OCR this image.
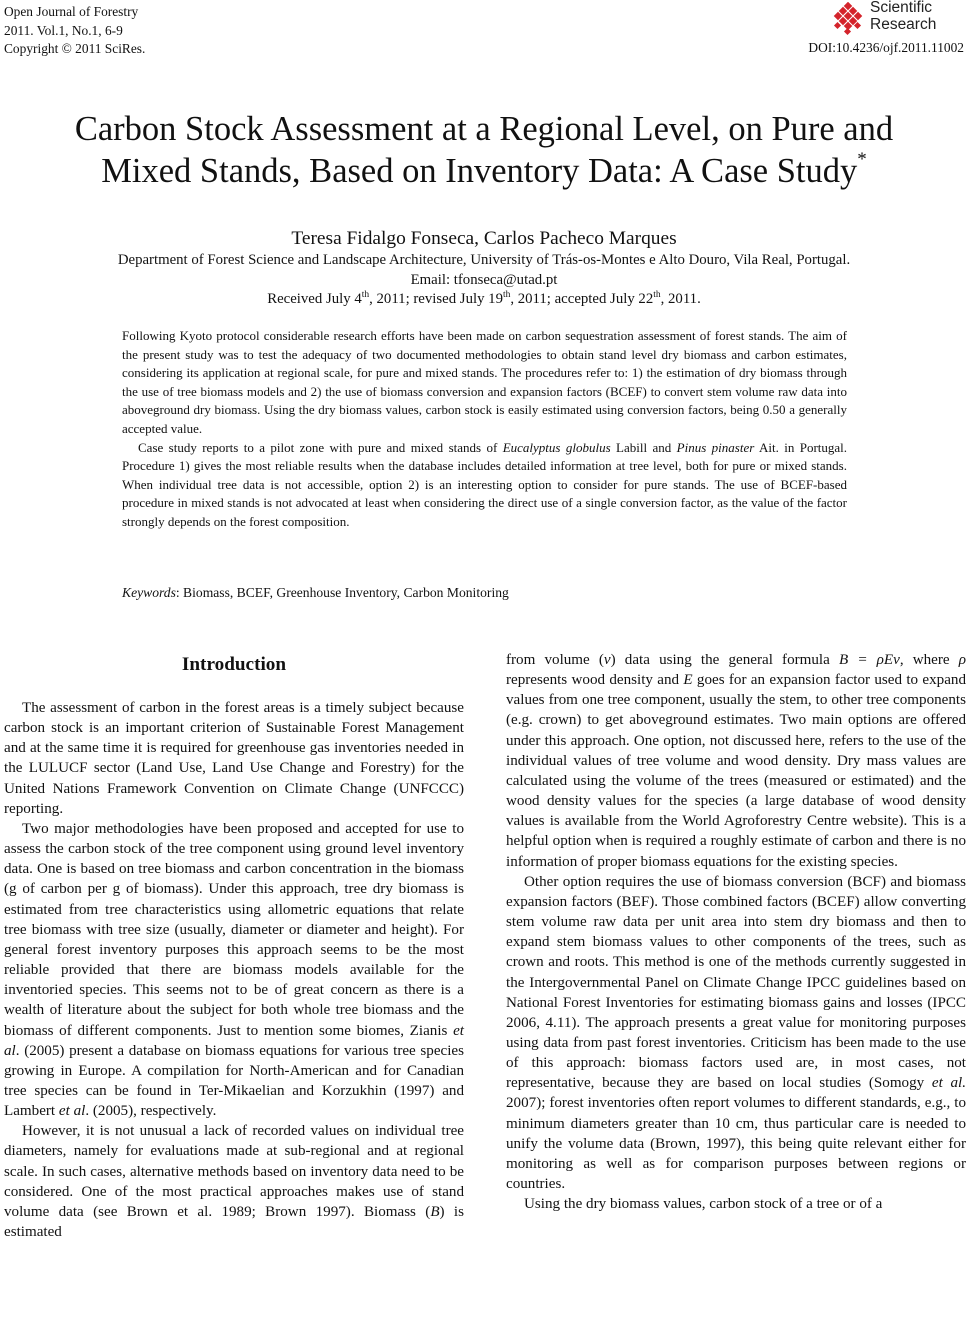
Open Journal of Forestry
2011. Vol.1, No.1, 6-9
Copyright © 2011 SciRes.
Scientific
Research
DOI:10.4236/ojf.2011.11002
Carbon Stock Assessment at a Regional Level, on Pure and
Mixed Stands, Based on Inventory Data: A Case Study*
Teresa Fidalgo Fonseca, Carlos Pacheco Marques
Department of Forest Science and Landscape Architecture, University of Trás-os-Montes e Alto Douro, Vila Real, Portugal.
Email: tfonseca@utad.pt
Received July 4th, 2011; revised July 19th, 2011; accepted July 22th, 2011.

Following Kyoto protocol considerable research efforts have been made on carbon sequestration assessment of forest stands. The aim of the present study was to test the adequacy of two documented methodologies to obtain stand level dry biomass and carbon estimates, considering its application at regional scale, for pure and mixed stands. The procedures refer to: 1) the estimation of dry biomass through the use of tree biomass models and 2) the use of biomass conversion and expansion factors (BCEF) to convert stem volume raw data into aboveground dry biomass. Using the dry biomass values, carbon stock is easily estimated using conversion factors, being 0.50 a generally accepted value.

Case study reports to a pilot zone with pure and mixed stands of Eucalyptus globulus Labill and Pinus pinaster Ait. in Portugal. Procedure 1) gives the most reliable results when the database includes detailed information at tree level, both for pure or mixed stands. When individual tree data is not accessible, option 2) is an interesting option to consider for pure stands. The use of BCEF-based procedure in mixed stands is not advocated at least when considering the direct use of a single conversion factor, as the value of the factor strongly depends on the forest composition.

Keywords: Biomass, BCEF, Greenhouse Inventory, Carbon Monitoring
Introduction

The assessment of carbon in the forest areas is a timely subject because carbon stock is an important criterion of Sustainable Forest Management and at the same time it is required for greenhouse gas inventories needed in the LULUCF sector (Land Use, Land Use Change and Forestry) for the United Nations Framework Convention on Climate Change (UNFCCC) reporting.

Two major methodologies have been proposed and accepted for use to assess the carbon stock of the tree component using ground level inventory data. One is based on tree biomass and carbon concentration in the biomass (g of carbon per g of biomass). Under this approach, tree dry biomass is estimated from tree characteristics using allometric equations that relate tree biomass with tree size (usually, diameter or diameter and height). For general forest inventory purposes this approach seems to be the most reliable provided that there are biomass models available for the inventoried species. This seems not to be of great concern as there is a wealth of literature about the subject for both whole tree biomass and the biomass of different components. Just to mention some biomes, Zianis et al. (2005) present a database on biomass equations for various tree species growing in Europe. A compilation for North-American and for Canadian tree species can be found in Ter-Mikaelian and Korzukhin (1997) and Lambert et al. (2005), respectively.

However, it is not unusual a lack of recorded values on individual tree diameters, namely for evaluations made at sub-regional and at regional scale. In such cases, alternative methods based on inventory data need to be considered. One of the most practical approaches makes use of stand volume data (see Brown et al. 1989; Brown 1997). Biomass (B) is estimated

from volume (v) data using the general formula B = ρEv, where ρ represents wood density and E goes for an expansion factor used to expand values from one tree component, usually the stem, to other tree components (e.g. crown) to get aboveground estimates. Two main options are offered under this approach. One option, not discussed here, refers to the use of the individual values of tree volume and wood density. Dry mass values are calculated using the volume of the trees (measured or estimated) and the wood density values for the species (a large database of wood density values is available from the World Agroforestry Centre website). This is a helpful option when is required a roughly estimate of carbon and there is no information of proper biomass equations for the existing species.

Other option requires the use of biomass conversion (BCF) and biomass expansion factors (BEF). Those combined factors (BCEF) allow converting stem volume raw data per unit area into stem dry biomass and then to expand stem biomass values to other components of the trees, such as crown and roots. This method is one of the methods currently suggested in the Intergovernmental Panel on Climate Change IPCC guidelines based on National Forest Inventories for estimating biomass gains and losses (IPCC 2006, 4.11). The approach presents a great value for monitoring purposes using data from past forest inventories. Criticism has been made to the use of this approach: biomass factors used are, in most cases, not representative, because they are based on local studies (Somogy et al. 2007); forest inventories often report volumes to different standards, e.g., to minimum diameters greater than 10 cm, thus particular care is needed to unify the volume data (Brown, 1997), this being quite relevant either for monitoring as well as for comparison purposes between regions or countries.

Using the dry biomass values, carbon stock of a tree or of a
